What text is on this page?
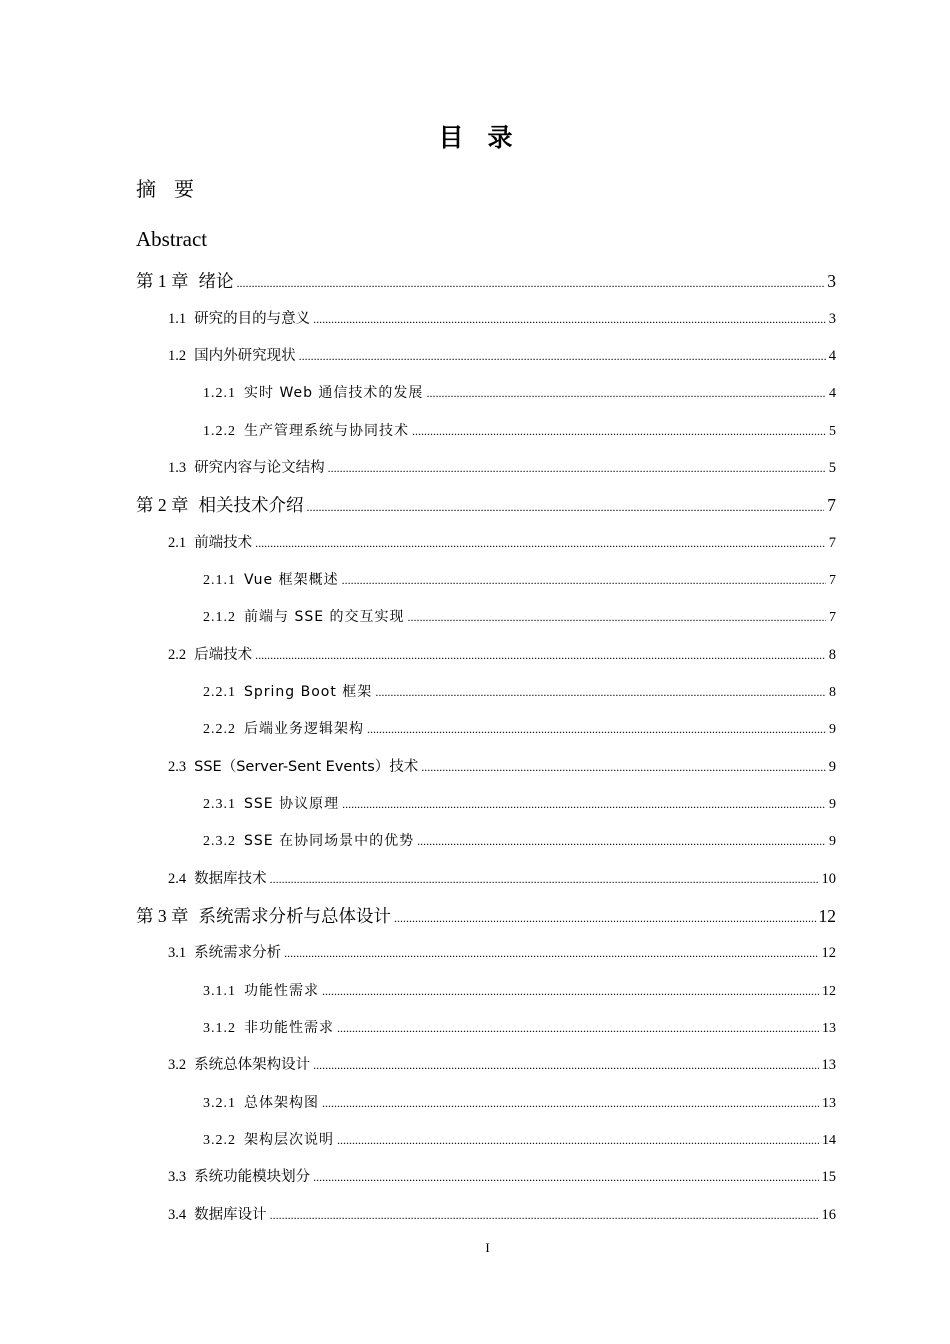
目录
摘要
Abstract
第 1 章 绪论 .....	3
1.1 研究的目的与意义 .....	3
1.2 国内外研究现状 .....	4
1.2.1 实时 Web 通信技术的发展 .....	4
1.2.2 生产管理系统与协同技术 .....	5
1.3 研究内容与论文结构 .....	5
第 2 章 相关技术介绍 .....	7
2.1 前端技术 .....	7
2.1.1 Vue 框架概述 .....	7
2.1.2 前端与 SSE 的交互实现 .....	7
2.2 后端技术 .....	8
2.2.1 Spring Boot 框架 .....	8
2.2.2 后端业务逻辑架构 .....	9
2.3 SSE（Server-Sent Events）技术 .....	9
2.3.1 SSE 协议原理 .....	9
2.3.2 SSE 在协同场景中的优势 .....	9
2.4 数据库技术 .....	10
第 3 章 系统需求分析与总体设计 .....	12
3.1 系统需求分析 .....	12
3.1.1 功能性需求 .....	12
3.1.2 非功能性需求 .....	13
3.2 系统总体架构设计 .....	13
3.2.1 总体架构图 .....	13
3.2.2 架构层次说明 .....	14
3.3 系统功能模块划分 .....	15
3.4 数据库设计 .....	16
I
